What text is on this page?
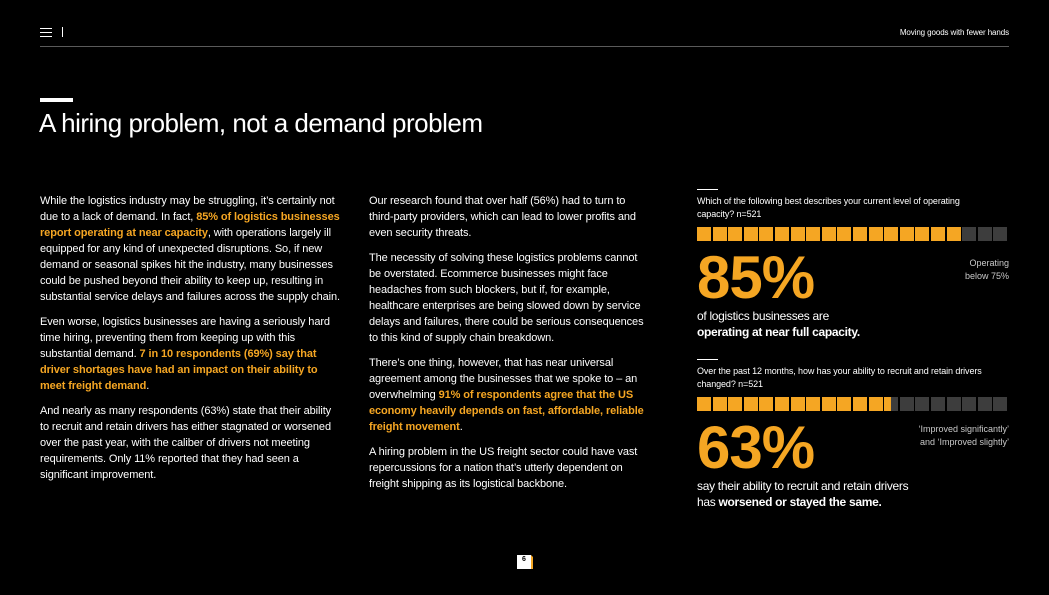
Moving goods with fewer hands
A hiring problem, not a demand problem

While the logistics industry may be struggling, it’s certainly not due to a lack of demand. In fact, 85% of logistics businesses report operating at near capacity, with operations largely ill equipped for any kind of unexpected disruptions. So, if new demand or seasonal spikes hit the industry, many businesses could be pushed beyond their ability to keep up, resulting in substantial service delays and failures across the supply chain.

Even worse, logistics businesses are having a seriously hard time hiring, preventing them from keeping up with this substantial demand. 7 in 10 respondents (69%) say that driver shortages have had an impact on their ability to meet freight demand.

And nearly as many respondents (63%) state that their ability to recruit and retain drivers has either stagnated or worsened over the past year, with the caliber of drivers not meeting requirements. Only 11% reported that they had seen a significant improvement.

Our research found that over half (56%) had to turn to third-party providers, which can lead to lower profits and even security threats.

The necessity of solving these logistics problems cannot be overstated. Ecommerce businesses might face headaches from such blockers, but if, for example, healthcare enterprises are being slowed down by service delays and failures, there could be serious consequences to this kind of supply chain breakdown.

There’s one thing, however, that has near universal agreement among the businesses that we spoke to – an overwhelming 91% of respondents agree that the US economy heavily depends on fast, affordable, reliable freight movement.

A hiring problem in the US freight sector could have vast repercussions for a nation that’s utterly dependent on freight shipping as its logistical backbone.

Which of the following best describes your current level of operating capacity? n=521
85%	Operating
below 75%
of logistics businesses are
operating at near full capacity.
Over the past 12 months, how has your ability to recruit and retain drivers changed? n=521
63%	‘Improved significantly’
and ‘Improved slightly’
say their ability to recruit and retain drivers
has worsened or stayed the same.
6
